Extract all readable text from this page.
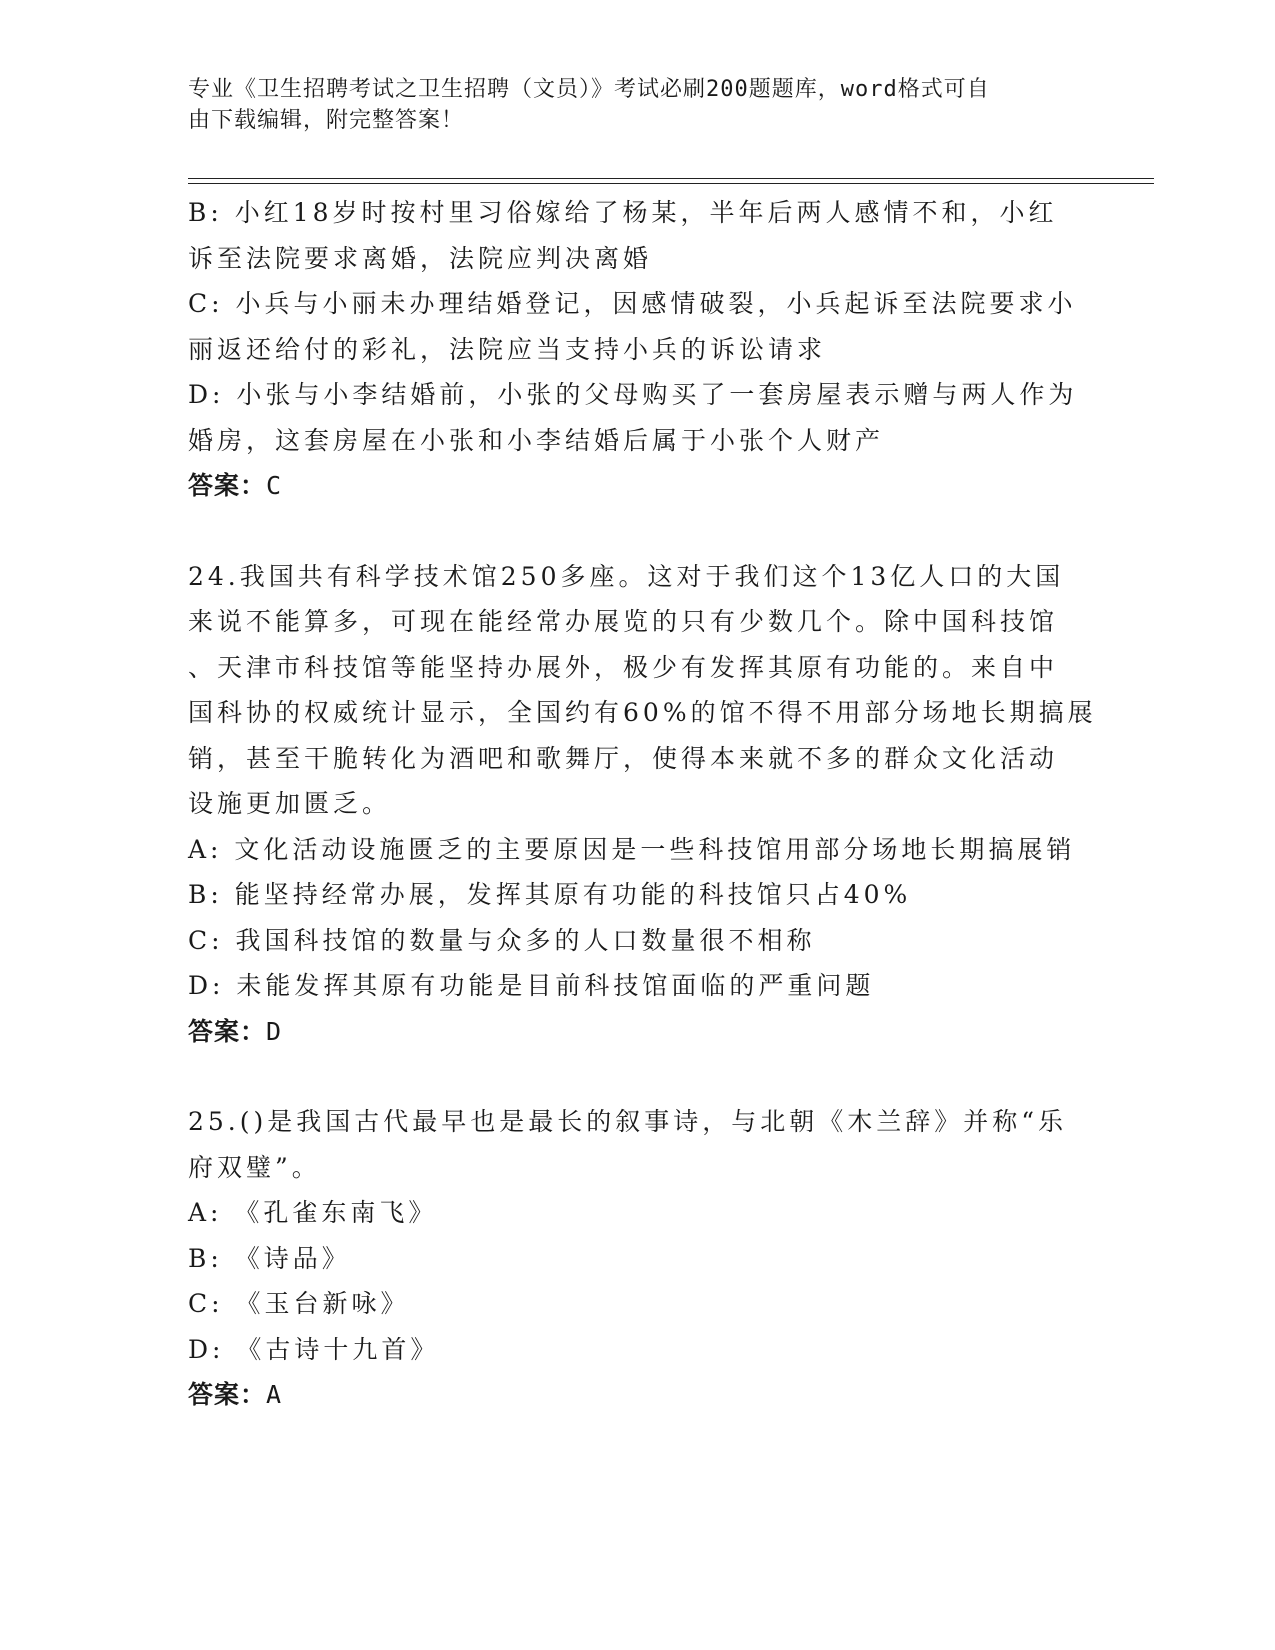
专业《卫生招聘考试之卫生招聘（文员）》考试必刷200题题库，word格式可自
由下载编辑，附完整答案！
B: 小红18岁时按村里习俗嫁给了杨某，半年后两人感情不和，小红
诉至法院要求离婚，法院应判决离婚
C: 小兵与小丽未办理结婚登记，因感情破裂，小兵起诉至法院要求小
丽返还给付的彩礼，法院应当支持小兵的诉讼请求
D: 小张与小李结婚前，小张的父母购买了一套房屋表示赠与两人作为
婚房，这套房屋在小张和小李结婚后属于小张个人财产
答案：C
24.我国共有科学技术馆250多座。这对于我们这个13亿人口的大国
来说不能算多，可现在能经常办展览的只有少数几个。除中国科技馆
、天津市科技馆等能坚持办展外，极少有发挥其原有功能的。来自中
国科协的权威统计显示，全国约有60%的馆不得不用部分场地长期搞展
销，甚至干脆转化为酒吧和歌舞厅，使得本来就不多的群众文化活动
设施更加匮乏。
A: 文化活动设施匮乏的主要原因是一些科技馆用部分场地长期搞展销
B: 能坚持经常办展，发挥其原有功能的科技馆只占40%
C: 我国科技馆的数量与众多的人口数量很不相称
D: 未能发挥其原有功能是目前科技馆面临的严重问题
答案：D
25.()是我国古代最早也是最长的叙事诗，与北朝《木兰辞》并称“乐
府双璧”。
A: 《孔雀东南飞》
B: 《诗品》
C: 《玉台新咏》
D: 《古诗十九首》
答案：A
